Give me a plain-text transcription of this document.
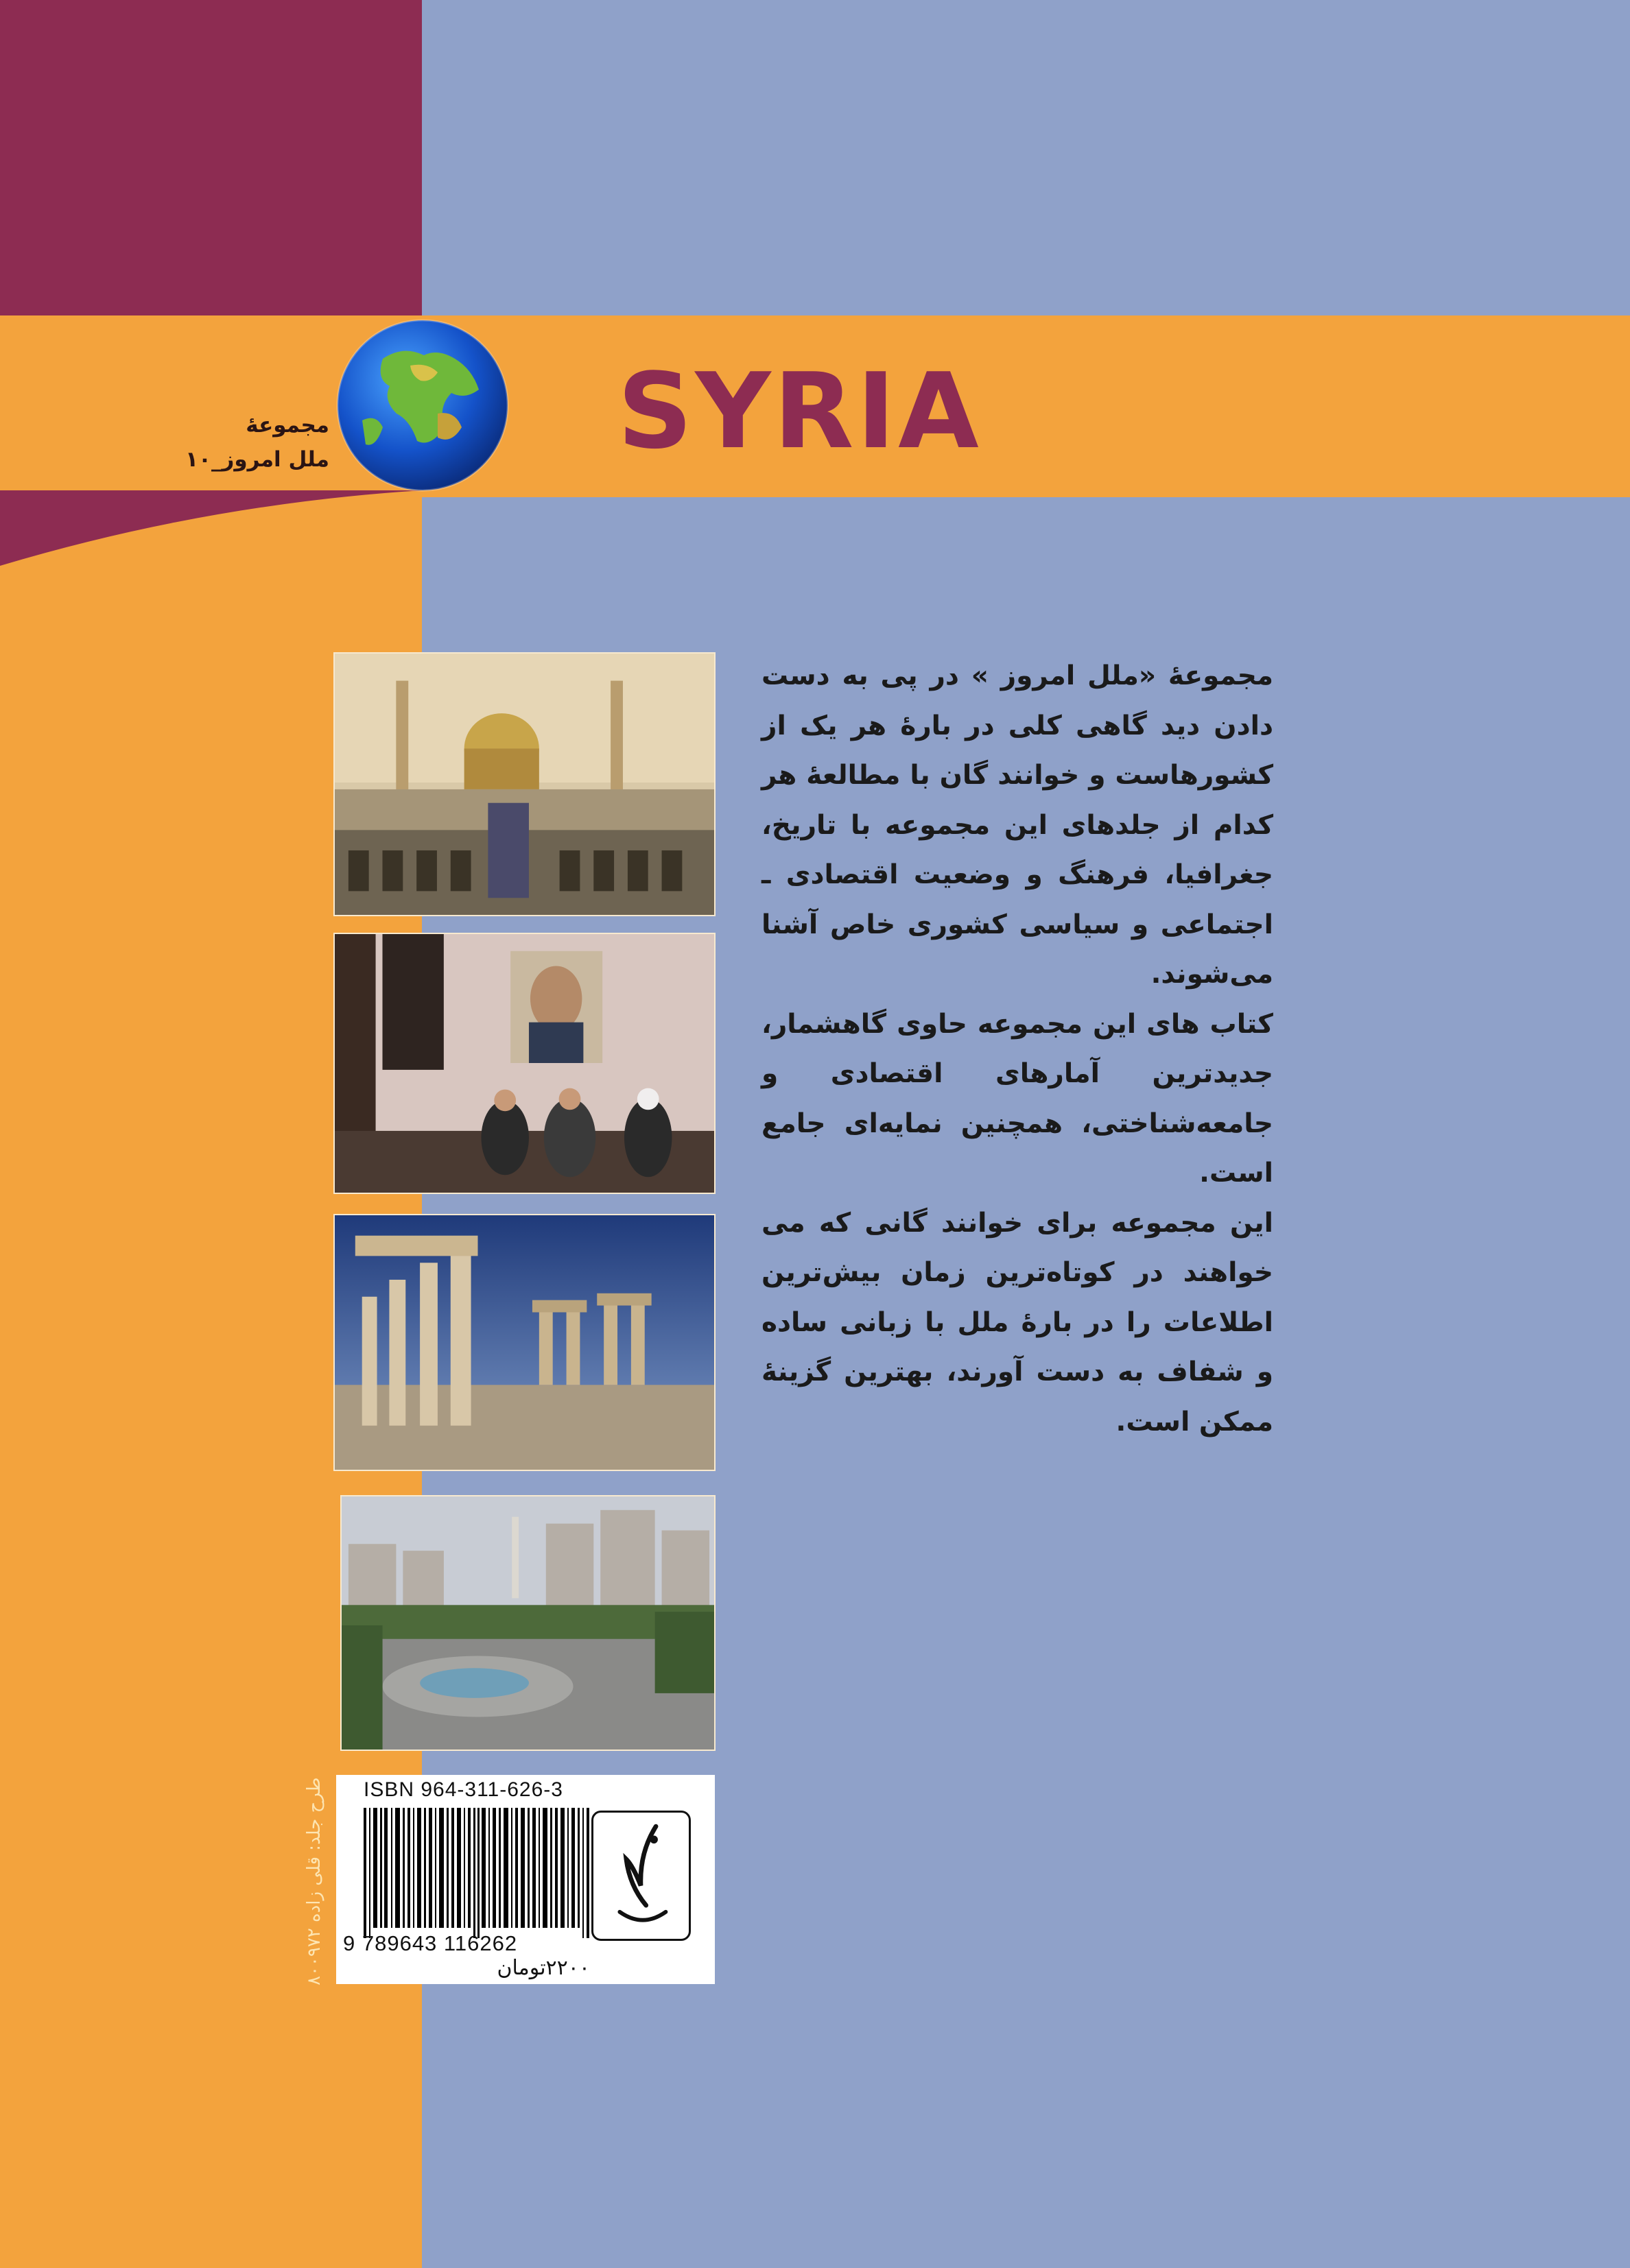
SYRIA
مجموعهٔ
ملل امروز_۱۰

مجموعهٔ «ملل امروز » در پی به دست دادن دید گاهی کلی در بارهٔ هر یک از کشورهاست و خوانند گان با مطالعهٔ هر کدام از جلدهای این مجموعه با تاریخ، جغرافیا، فرهنگ و وضعیت اقتصادی ـ اجتماعی و سیاسی کشوری خاص آشنا می‌شوند.

کتاب های این مجموعه حاوی گاهشمار، جدیدترین آمارهای اقتصادی و جامعه‌شناختی، همچنین نمایه‌ای جامع است.

این مجموعه برای خوانند گانی که می خواهند در کوتاه‌ترین زمان بیش‌ترین اطلاعات را در بارهٔ ملل با زبانی ساده و شفاف به دست آورند، بهترین گزینهٔ ممکن است.

ISBN 964-311-626-3
9 789643 116262
۲۲۰۰تومان
طرح جلد: قلی زاده ۸۰۰۹۷۲
